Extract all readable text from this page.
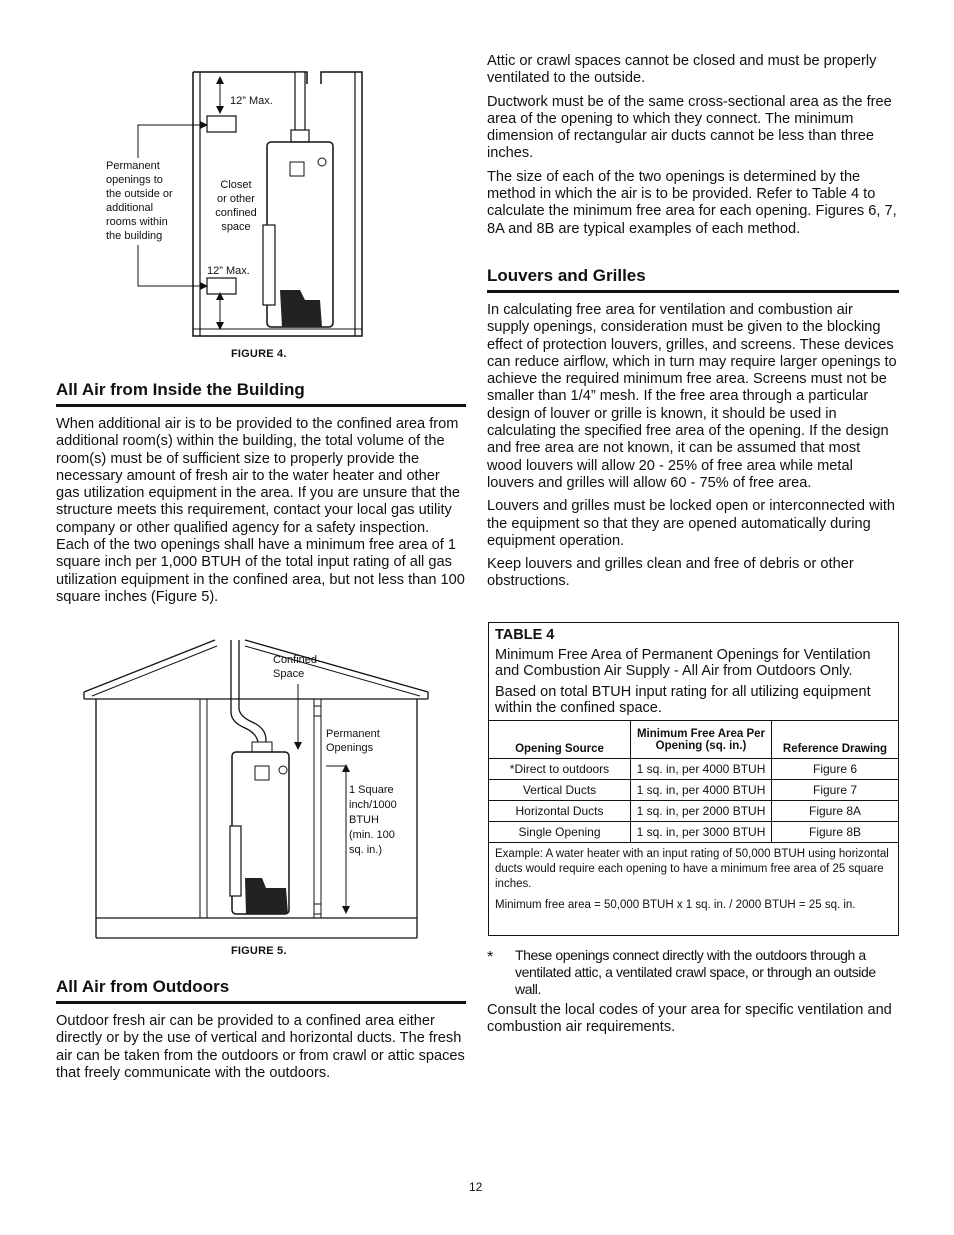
12” Max.
12” Max.
Permanent
openings to
the outside or
additional
rooms within
the building
Closet
or other
confined
space
FIGURE 4.
All Air from Inside the Building

When additional air is to be provided to the confined area from additional room(s) within the building, the total volume of the room(s) must be of sufficient size to properly provide the necessary amount of fresh air to the water heater and other gas utilization equipment in the area. If you are unsure that the structure meets this requirement, contact your local gas utility company or other qualified agency for a safety inspection.

Each of the two openings shall have a minimum free area of 1 square inch per 1,000 BTUH of the total input rating of all gas utilization equipment in the confined area, but not less than 100 square inches (Figure 5).

Confined
Space
Permanent
Openings
1 Square
inch/1000
BTUH
(min. 100
sq. in.)
FIGURE 5.
All Air from Outdoors

Outdoor fresh air can be provided to a confined area either directly or by the use of vertical and horizontal ducts. The fresh air can be taken from the outdoors or from crawl or attic spaces that freely communicate with the outdoors.

Attic or crawl spaces cannot be closed and must be properly ventilated to the outside.

Ductwork must be of the same cross-sectional area as the free area of the opening to which they connect. The minimum dimension of rectangular air ducts cannot be less than three inches.

The size of each of the two openings is determined by the method in which the air is to be provided. Refer to Table 4 to calculate the minimum free area for each opening. Figures 6, 7, 8A and 8B are typical examples of each method.

Louvers and Grilles

In calculating free area for ventilation and combustion air supply openings, consideration must be given to the blocking effect of protection louvers, grilles, and screens. These devices can reduce airflow, which in turn may require larger openings to achieve the required minimum free area. Screens must not be smaller than 1/4” mesh. If the free area through a particular design of louver or grille is known, it should be used in calculating the specified free area of the opening. If the design and free area are not known, it can be assumed that most wood louvers will allow 20 - 25% of free area while metal louvers and grilles will allow 60 - 75% of free area.

Louvers and grilles must be locked open or interconnected with the equipment so that they are opened automatically during equipment operation.

Keep louvers and grilles clean and free of debris or other obstructions.

TABLE 4
Minimum Free Area of Permanent Openings for Ventilation and Combustion Air Supply - All Air from Outdoors Only.
Based on total BTUH input rating for all utilizing equipment within the confined space.
Opening Source	Minimum Free Area Per Opening (sq. in.)	Reference Drawing
*Direct to outdoors	1 sq. in, per 4000 BTUH	Figure 6
Vertical Ducts	1 sq. in, per 4000 BTUH	Figure 7
Horizontal Ducts	1 sq. in, per 2000 BTUH	Figure 8A
Single Opening	1 sq. in, per 3000 BTUH	Figure 8B
Example: A water heater with an input rating of 50,000 BTUH using horizontal ducts would require each opening to have a minimum free area of 25 square inches.
Minimum free area = 50,000 BTUH x 1 sq. in. / 2000 BTUH = 25 sq. in.
* These openings connect directly with the outdoors through a ventilated attic, a ventilated crawl space, or through an outside wall.
Consult the local codes of your area for specific ventilation and combustion air requirements.
12
